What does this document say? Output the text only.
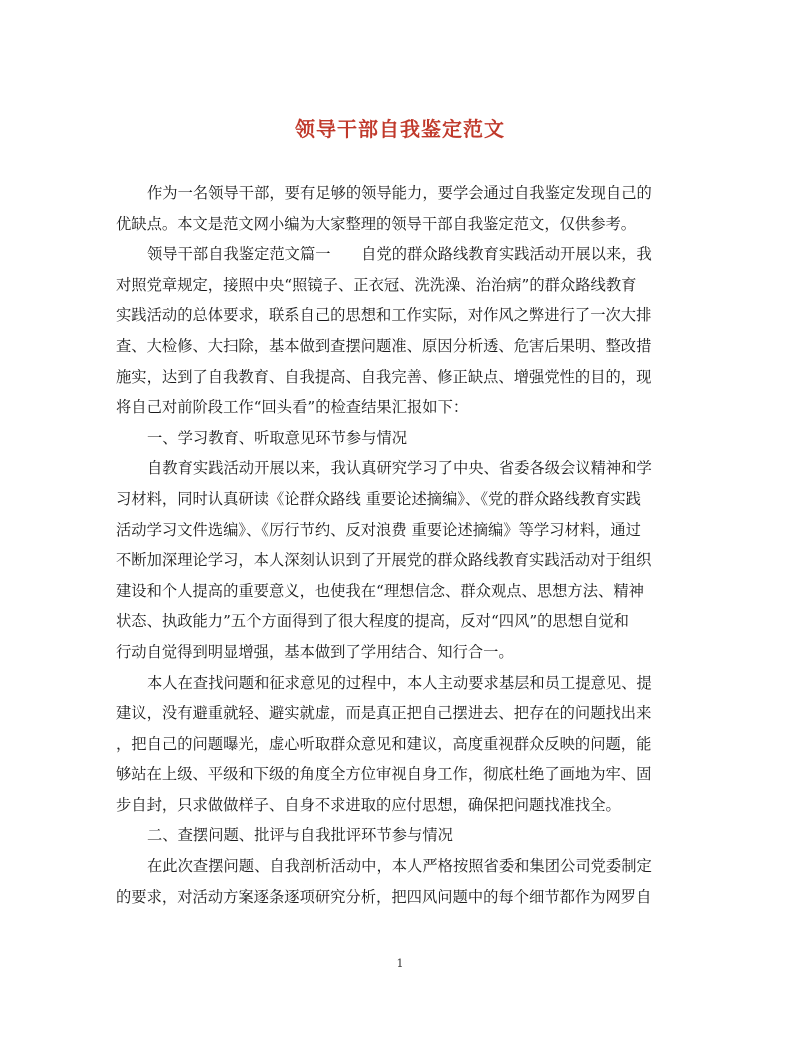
领导干部自我鉴定范文
作为一名领导干部，要有足够的领导能力，要学会通过自我鉴定发现自己的
优缺点。本文是范文网小编为大家整理的领导干部自我鉴定范文，仅供参考。
领导干部自我鉴定范文篇一　　自党的群众路线教育实践活动开展以来，我
对照党章规定，接照中央“照镜子、正衣冠、洗洗澡、治治病”的群众路线教育
实践活动的总体要求，联系自己的思想和工作实际，对作风之弊进行了一次大排
查、大检修、大扫除，基本做到查摆问题准、原因分析透、危害后果明、整改措
施实，达到了自我教育、自我提高、自我完善、修正缺点、增强党性的目的，现
将自己对前阶段工作“回头看”的检查结果汇报如下：
一、学习教育、听取意见环节参与情况
自教育实践活动开展以来，我认真研究学习了中央、省委各级会议精神和学
习材料，同时认真研读《论群众路线 重要论述摘编》、《党的群众路线教育实践
活动学习文件选编》、《厉行节约、反对浪费 重要论述摘编》等学习材料，通过
不断加深理论学习，本人深刻认识到了开展党的群众路线教育实践活动对于组织
建设和个人提高的重要意义，也使我在“理想信念、群众观点、思想方法、精神
状态、执政能力”五个方面得到了很大程度的提高，反对“四风”的思想自觉和
行动自觉得到明显增强，基本做到了学用结合、知行合一。
本人在查找问题和征求意见的过程中，本人主动要求基层和员工提意见、提
建议，没有避重就轻、避实就虚，而是真正把自己摆进去、把存在的问题找出来
，把自己的问题曝光，虚心听取群众意见和建议，高度重视群众反映的问题，能
够站在上级、平级和下级的角度全方位审视自身工作，彻底杜绝了画地为牢、固
步自封，只求做做样子、自身不求进取的应付思想，确保把问题找准找全。
二、查摆问题、批评与自我批评环节参与情况
在此次查摆问题、自我剖析活动中，本人严格按照省委和集团公司党委制定
的要求，对活动方案逐条逐项研究分析，把四风问题中的每个细节都作为网罗自
1
